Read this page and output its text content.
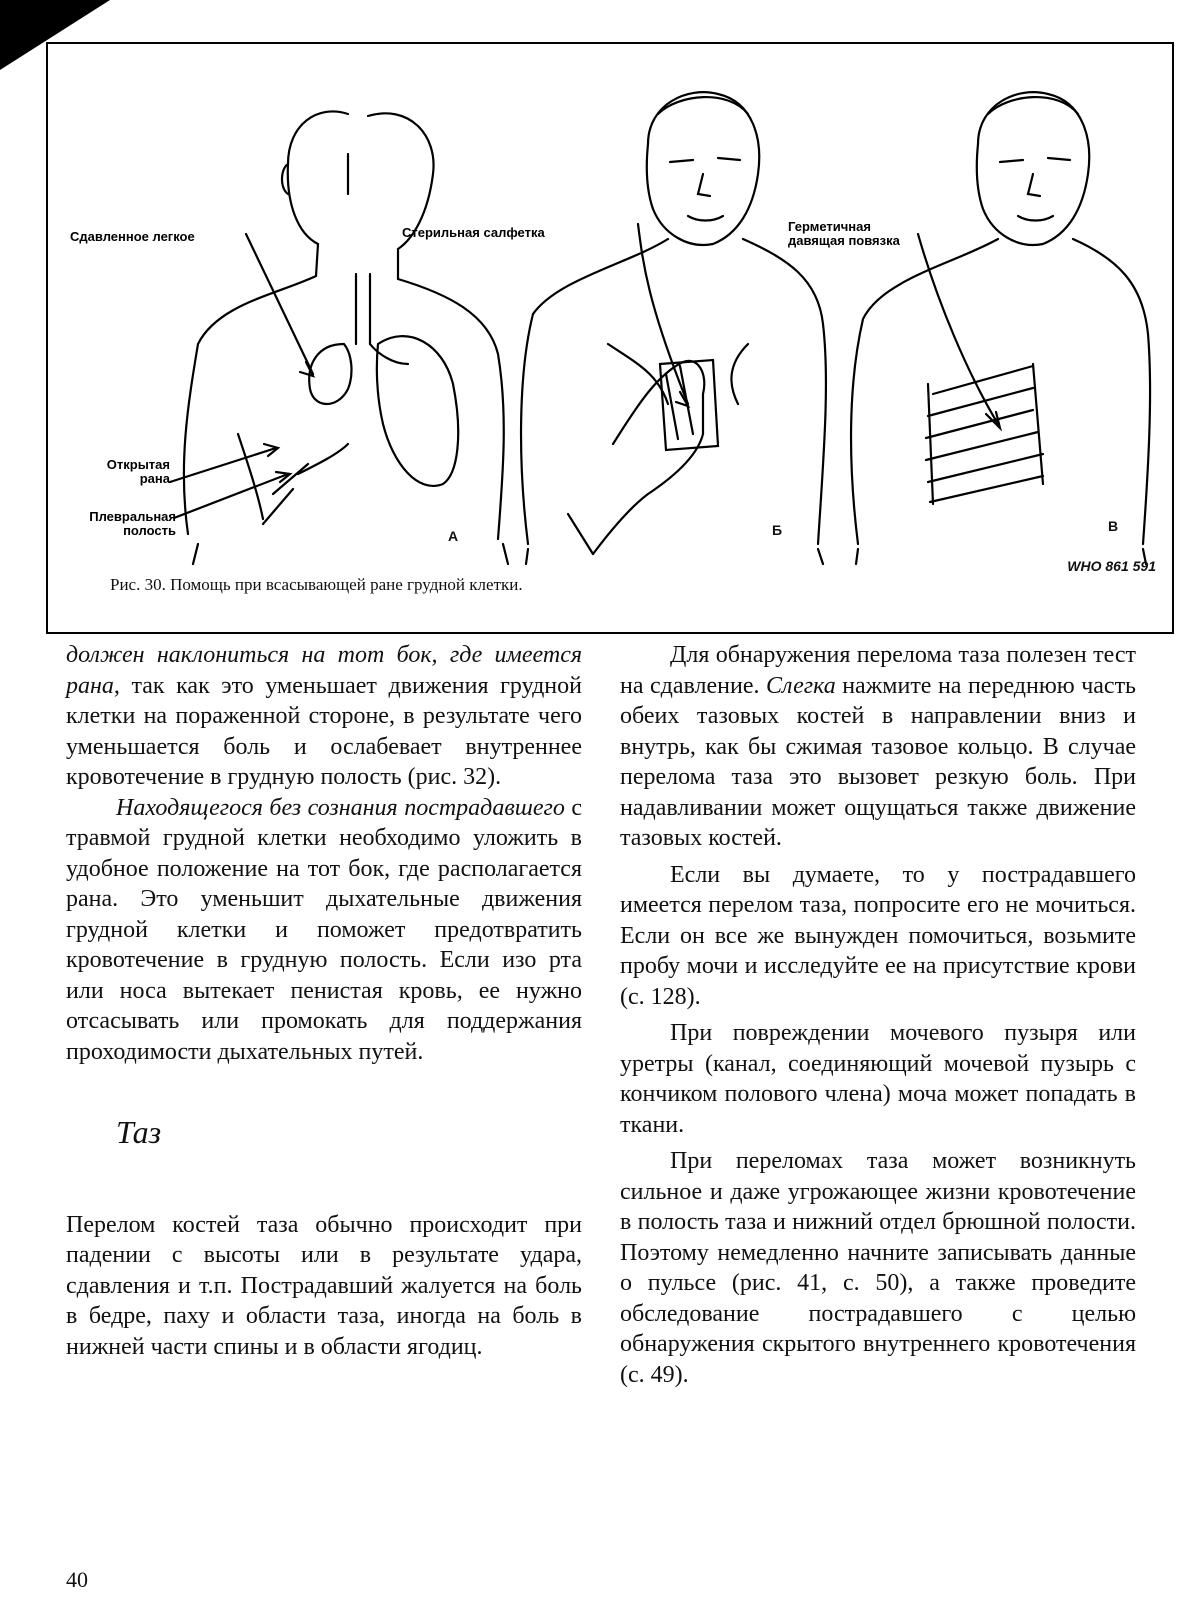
Сдавленное легкое	Стерильная салфетка	Герметичная давящая повязка
Открытая рана
Плевральная полость	А	Б	В
WHO 861 591
Рис. 30. Помощь при всасывающей ране грудной клетки.

должен наклониться на тот бок, где имеется рана, так как это уменьшает движения грудной клетки на пораженной стороне, в результате чего уменьшается боль и ослабевает внутреннее кровотечение в грудную полость (рис. 32).

Находящегося без сознания пострадавшего с травмой грудной клетки необходимо уложить в удобное положение на тот бок, где располагается рана. Это уменьшит дыхательные движения грудной клетки и поможет предотвратить кровотечение в грудную полость. Если изо рта или носа вытекает пенистая кровь, ее нужно отсасывать или промокать для поддержания проходимости дыхательных путей.

Таз

Перелом костей таза обычно происходит при падении с высоты или в результате удара, сдавления и т.п. Пострадавший жалуется на боль в бедре, паху и области таза, иногда на боль в нижней части спины и в области ягодиц.

Для обнаружения перелома таза полезен тест на сдавление. Слегка нажмите на переднюю часть обеих тазовых костей в направлении вниз и внутрь, как бы сжимая тазовое кольцо. В случае перелома таза это вызовет резкую боль. При надавливании может ощущаться также движение тазовых костей.

Если вы думаете, то у пострадавшего имеется перелом таза, попросите его не мочиться. Если он все же вынужден помочиться, возьмите пробу мочи и исследуйте ее на присутствие крови (с. 128).

При повреждении мочевого пузыря или уретры (канал, соединяющий мочевой пузырь с кончиком полового члена) моча может попадать в ткани.

При переломах таза может возникнуть сильное и даже угрожающее жизни кровотечение в полость таза и нижний отдел брюшной полости. Поэтому немедленно начните записывать данные о пульсе (рис. 41, с. 50), а также проведите обследование пострадавшего с целью обнаружения скрытого внутреннего кровотечения (с. 49).

40
